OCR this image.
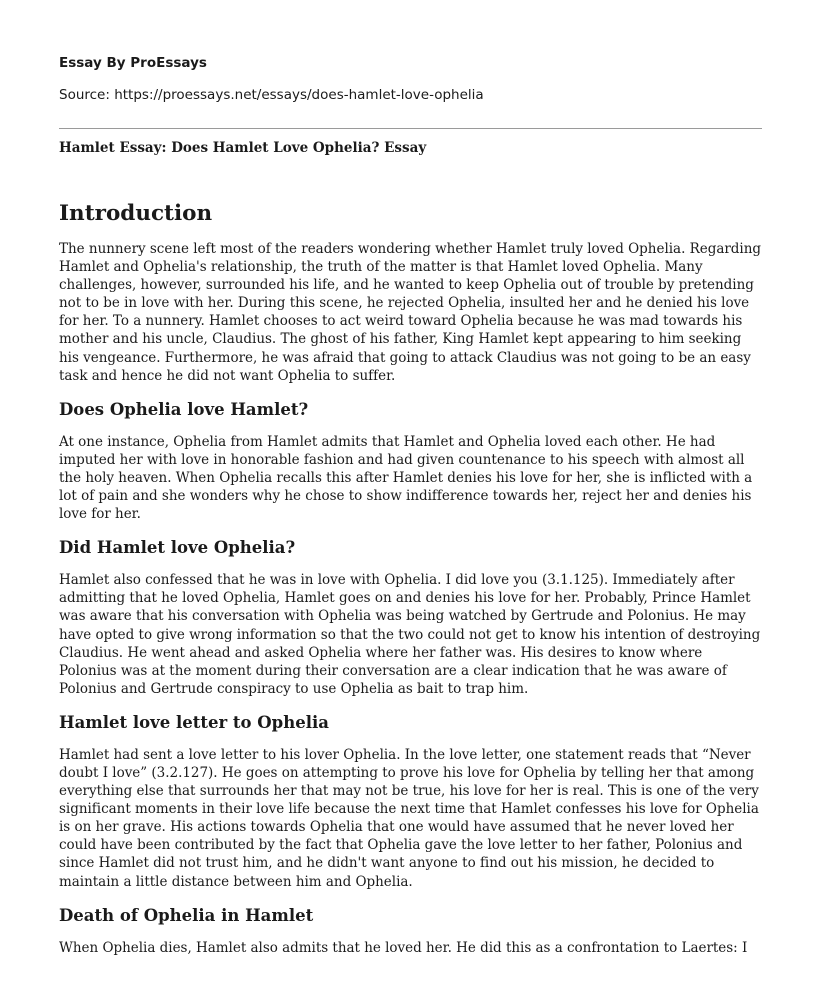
Essay By ProEssays
Source: https://proessays.net/essays/does-hamlet-love-ophelia
Hamlet Essay: Does Hamlet Love Ophelia? Essay
Introduction

The nunnery scene left most of the readers wondering whether Hamlet truly loved Ophelia. Regarding Hamlet and Ophelia's relationship, the truth of the matter is that Hamlet loved Ophelia. Many challenges, however, surrounded his life, and he wanted to keep Ophelia out of trouble by pretending not to be in love with her. During this scene, he rejected Ophelia, insulted her and he denied his love for her. To a nunnery. Hamlet chooses to act weird toward Ophelia because he was mad towards his mother and his uncle, Claudius. The ghost of his father, King Hamlet kept appearing to him seeking his vengeance. Furthermore, he was afraid that going to attack Claudius was not going to be an easy task and hence he did not want Ophelia to suffer.

Does Ophelia love Hamlet?

At one instance, Ophelia from Hamlet admits that Hamlet and Ophelia loved each other. He had imputed her with love in honorable fashion and had given countenance to his speech with almost all the holy heaven. When Ophelia recalls this after Hamlet denies his love for her, she is inflicted with a lot of pain and she wonders why he chose to show indifference towards her, reject her and denies his love for her.

Did Hamlet love Ophelia?

Hamlet also confessed that he was in love with Ophelia. I did love you (3.1.125). Immediately after admitting that he loved Ophelia, Hamlet goes on and denies his love for her. Probably, Prince Hamlet was aware that his conversation with Ophelia was being watched by Gertrude and Polonius. He may have opted to give wrong information so that the two could not get to know his intention of destroying Claudius. He went ahead and asked Ophelia where her father was. His desires to know where Polonius was at the moment during their conversation are a clear indication that he was aware of Polonius and Gertrude conspiracy to use Ophelia as bait to trap him.

Hamlet love letter to Ophelia

Hamlet had sent a love letter to his lover Ophelia. In the love letter, one statement reads that “Never doubt I love” (3.2.127). He goes on attempting to prove his love for Ophelia by telling her that among everything else that surrounds her that may not be true, his love for her is real. This is one of the very significant moments in their love life because the next time that Hamlet confesses his love for Ophelia is on her grave. His actions towards Ophelia that one would have assumed that he never loved her could have been contributed by the fact that Ophelia gave the love letter to her father, Polonius and since Hamlet did not trust him, and he didn't want anyone to find out his mission, he decided to maintain a little distance between him and Ophelia.

Death of Ophelia in Hamlet

When Ophelia dies, Hamlet also admits that he loved her. He did this as a confrontation to Laertes: I
